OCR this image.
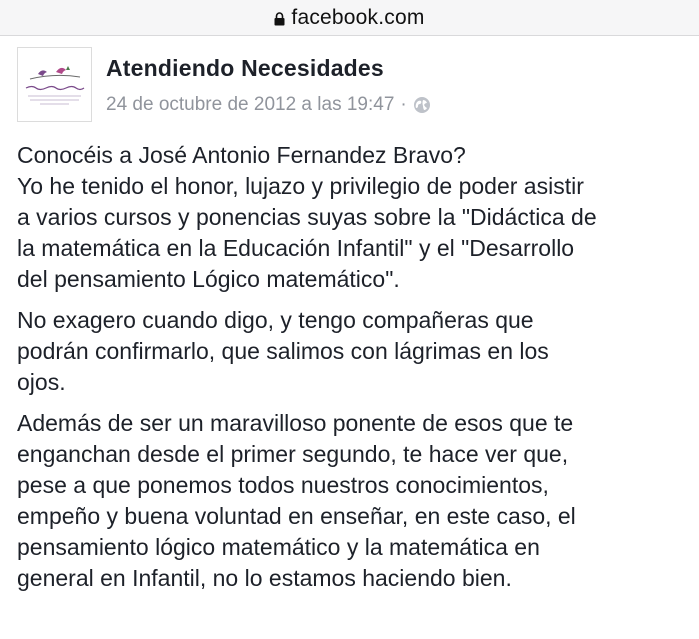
facebook.com
Atendiendo Necesidades
24 de octubre de 2012 a las 19:47 ·

Conocéis a José Antonio Fernandez Bravo?
Yo he tenido el honor, lujazo y privilegio de poder asistir
a varios cursos y ponencias suyas sobre la "Didáctica de
la matemática en la Educación Infantil" y el "Desarrollo
del pensamiento Lógico matemático".

No exagero cuando digo, y tengo compañeras que
podrán confirmarlo, que salimos con lágrimas en los
ojos.

Además de ser un maravilloso ponente de esos que te
enganchan desde el primer segundo, te hace ver que,
pese a que ponemos todos nuestros conocimientos,
empeño y buena voluntad en enseñar, en este caso, el
pensamiento lógico matemático y la matemática en
general en Infantil, no lo estamos haciendo bien.
